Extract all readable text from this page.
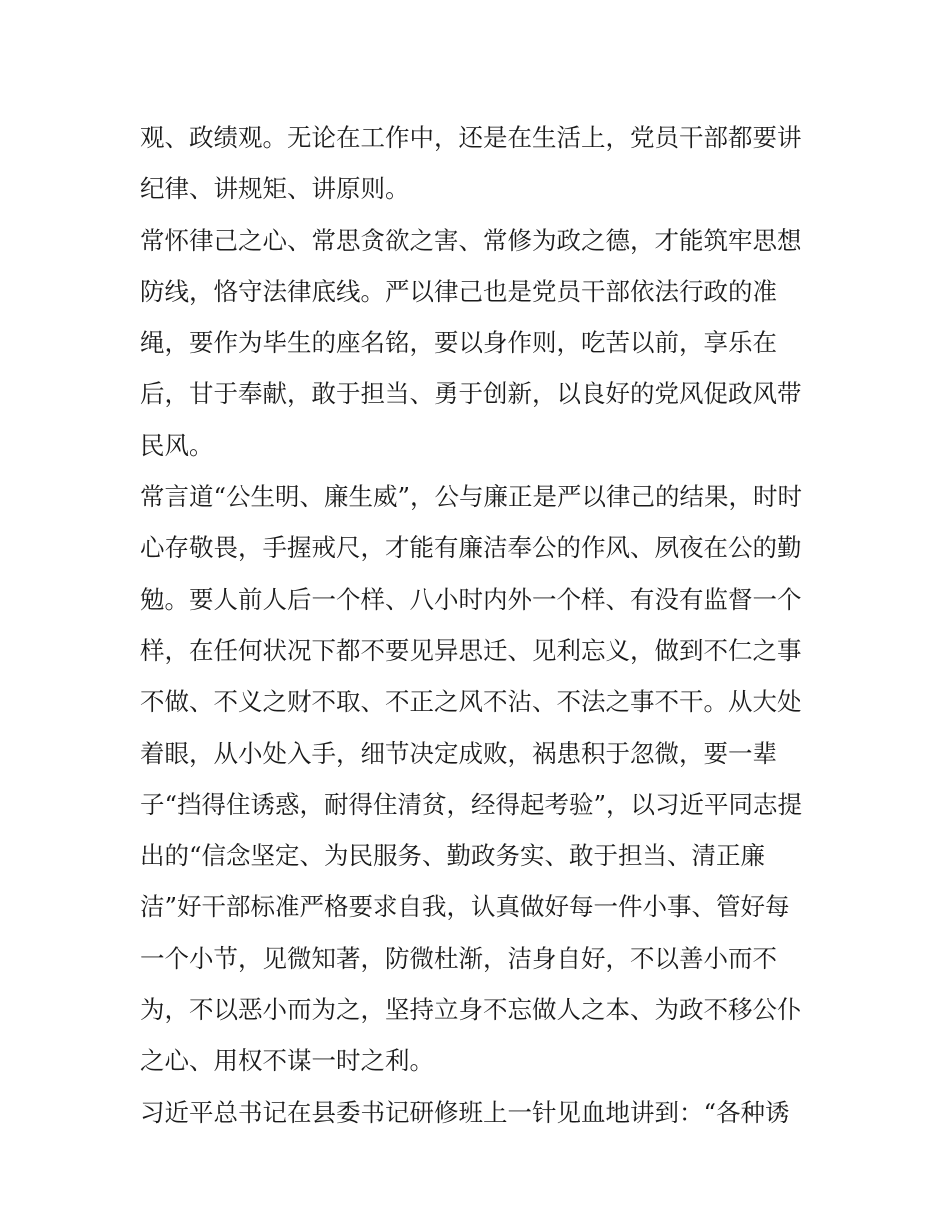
观、政绩观。无论在工作中，还是在生活上，党员干部都要讲
纪律、讲规矩、讲原则。
常怀律己之心、常思贪欲之害、常修为政之德，才能筑牢思想
防线，恪守法律底线。严以律己也是党员干部依法行政的准
绳，要作为毕生的座名铭，要以身作则，吃苦以前，享乐在
后，甘于奉献，敢于担当、勇于创新，以良好的党风促政风带
民风。
常言道“公生明、廉生威”，公与廉正是严以律己的结果，时时
心存敬畏，手握戒尺，才能有廉洁奉公的作风、夙夜在公的勤
勉。要人前人后一个样、八小时内外一个样、有没有监督一个
样，在任何状况下都不要见异思迁、见利忘义，做到不仁之事
不做、不义之财不取、不正之风不沾、不法之事不干。从大处
着眼，从小处入手，细节决定成败，祸患积于忽微，要一辈
子“挡得住诱惑，耐得住清贫，经得起考验”，以习近平同志提
出的“信念坚定、为民服务、勤政务实、敢于担当、清正廉
洁”好干部标准严格要求自我，认真做好每一件小事、管好每
一个小节，见微知著，防微杜渐，洁身自好，不以善小而不
为，不以恶小而为之，坚持立身不忘做人之本、为政不移公仆
之心、用权不谋一时之利。
习近平总书记在县委书记研修班上一针见血地讲到：“各种诱
